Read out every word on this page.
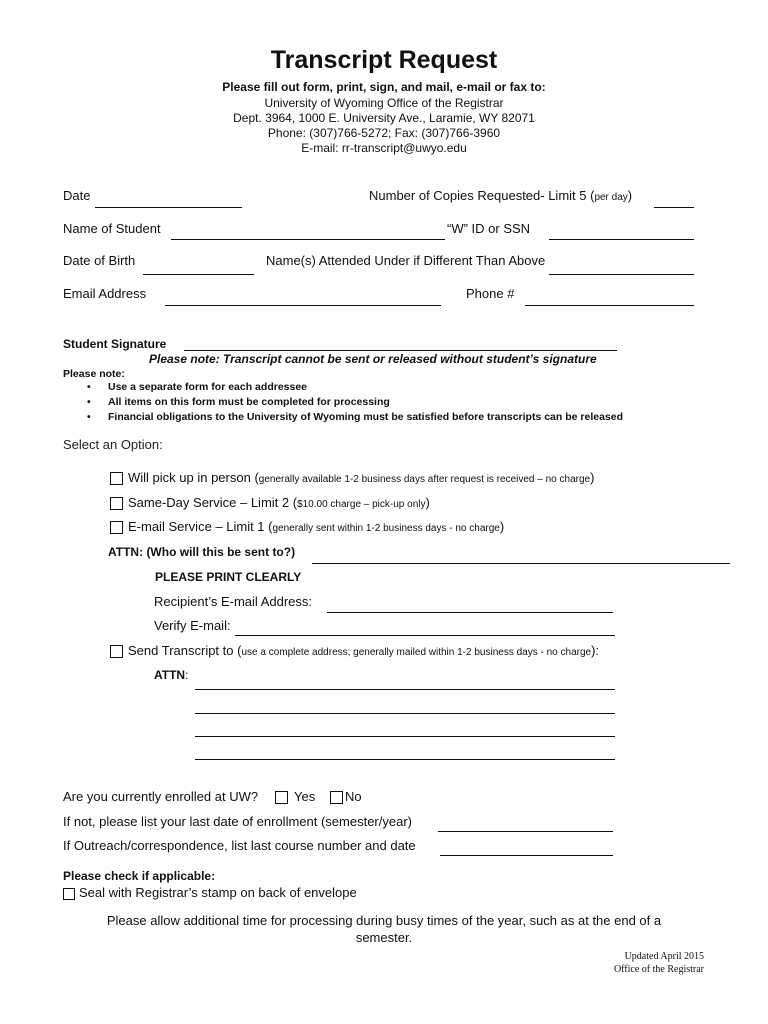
Transcript Request
Please fill out form, print, sign, and mail, e-mail or fax to:
University of Wyoming Office of the Registrar
Dept. 3964, 1000 E. University Ave., Laramie, WY 82071
Phone: (307)766-5272; Fax: (307)766-3960
E-mail: rr-transcript@uwyo.edu
Date	Number of Copies Requested- Limit 5 (per day)
Name of Student	“W” ID or SSN
Date of Birth	Name(s) Attended Under if Different Than Above
Email Address	Phone #
Student Signature
Please note: Transcript cannot be sent or released without student’s signature
Please note:
• Use a separate form for each addressee
• All items on this form must be completed for processing
• Financial obligations to the University of Wyoming must be satisfied before transcripts can be released
Select an Option:
Will pick up in person (generally available 1-2 business days after request is received – no charge)
Same-Day Service – Limit 2 ($10.00 charge – pick-up only)
E-mail Service – Limit 1 (generally sent within 1-2 business days - no charge)
ATTN: (Who will this be sent to?)
PLEASE PRINT CLEARLY
Recipient’s E-mail Address:
Verify E-mail:
Send Transcript to (use a complete address; generally mailed within 1-2 business days - no charge):
ATTN:
Are you currently enrolled at UW?	Yes No
If not, please list your last date of enrollment (semester/year)
If Outreach/correspondence, list last course number and date
Please check if applicable:
Seal with Registrar’s stamp on back of envelope
Please allow additional time for processing during busy times of the year, such as at the end of a
semester.
Updated April 2015
Office of the Registrar
